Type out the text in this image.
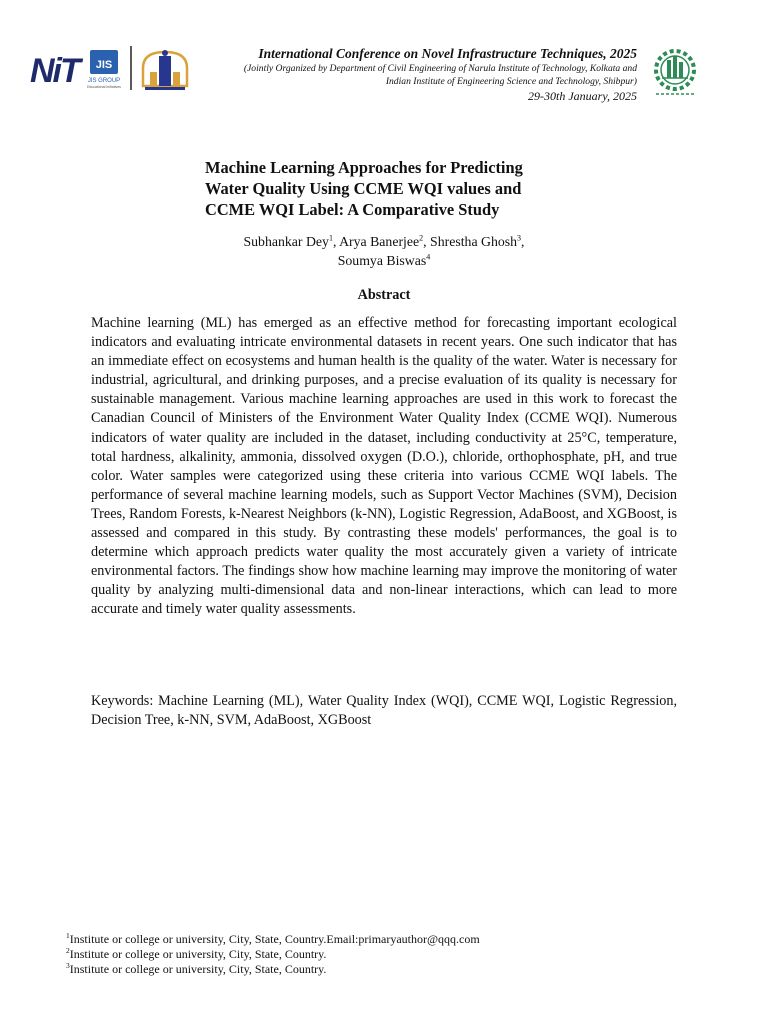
NiT	JIS
JIS GROUP
Educational Initiatives
International Conference on Novel Infrastructure Techniques, 2025
(Jointly Organized by Department of Civil Engineering of Narula Institute of Technology, Kolkata and
Indian Institute of Engineering Science and Technology, Shibpur)
29-30th January, 2025
Machine Learning Approaches for Predicting
Water Quality Using CCME WQI values and
CCME WQI Label: A Comparative Study
Subhankar Dey$^1$, Arya Banerjee$^2$, Shrestha Ghosh$^3$,
Soumya Biswas$^4$
Abstract

Machine learning (ML) has emerged as an effective method for forecasting important ecological indicators and evaluating intricate environmental datasets in recent years. One such indicator that has an immediate effect on ecosystems and human health is the quality of the water. Water is necessary for industrial, agricultural, and drinking purposes, and a precise evaluation of its quality is necessary for sustainable management. Various machine learning approaches are used in this work to forecast the Canadian Council of Ministers of the Environment Water Quality Index (CCME WQI). Numerous indicators of water quality are included in the dataset, including conductivity at 25°C, temperature, total hardness, alkalinity, ammonia, dissolved oxygen (D.O.), chloride, orthophosphate, pH, and true color. Water samples were categorized using these criteria into various CCME WQI labels. The performance of several machine learning models, such as Support Vector Machines (SVM), Decision Trees, Random Forests, k-Nearest Neighbors (k-NN), Logistic Regression, AdaBoost, and XGBoost, is assessed and compared in this study. By contrasting these models' performances, the goal is to determine which approach predicts water quality the most accurately given a variety of intricate environmental factors. The findings show how machine learning may improve the monitoring of water quality by analyzing multi-dimensional data and non-linear interactions, which can lead to more accurate and timely water quality assessments.

Keywords: Machine Learning (ML), Water Quality Index (WQI), CCME WQI, Logistic Regression, Decision Tree, k-NN, SVM, AdaBoost, XGBoost

$^1$Institute or college or university, City, State, Country.Email:primaryauthor@qqq.com
$^2$Institute or college or university, City, State, Country.
$^3$Institute or college or university, City, State, Country.
